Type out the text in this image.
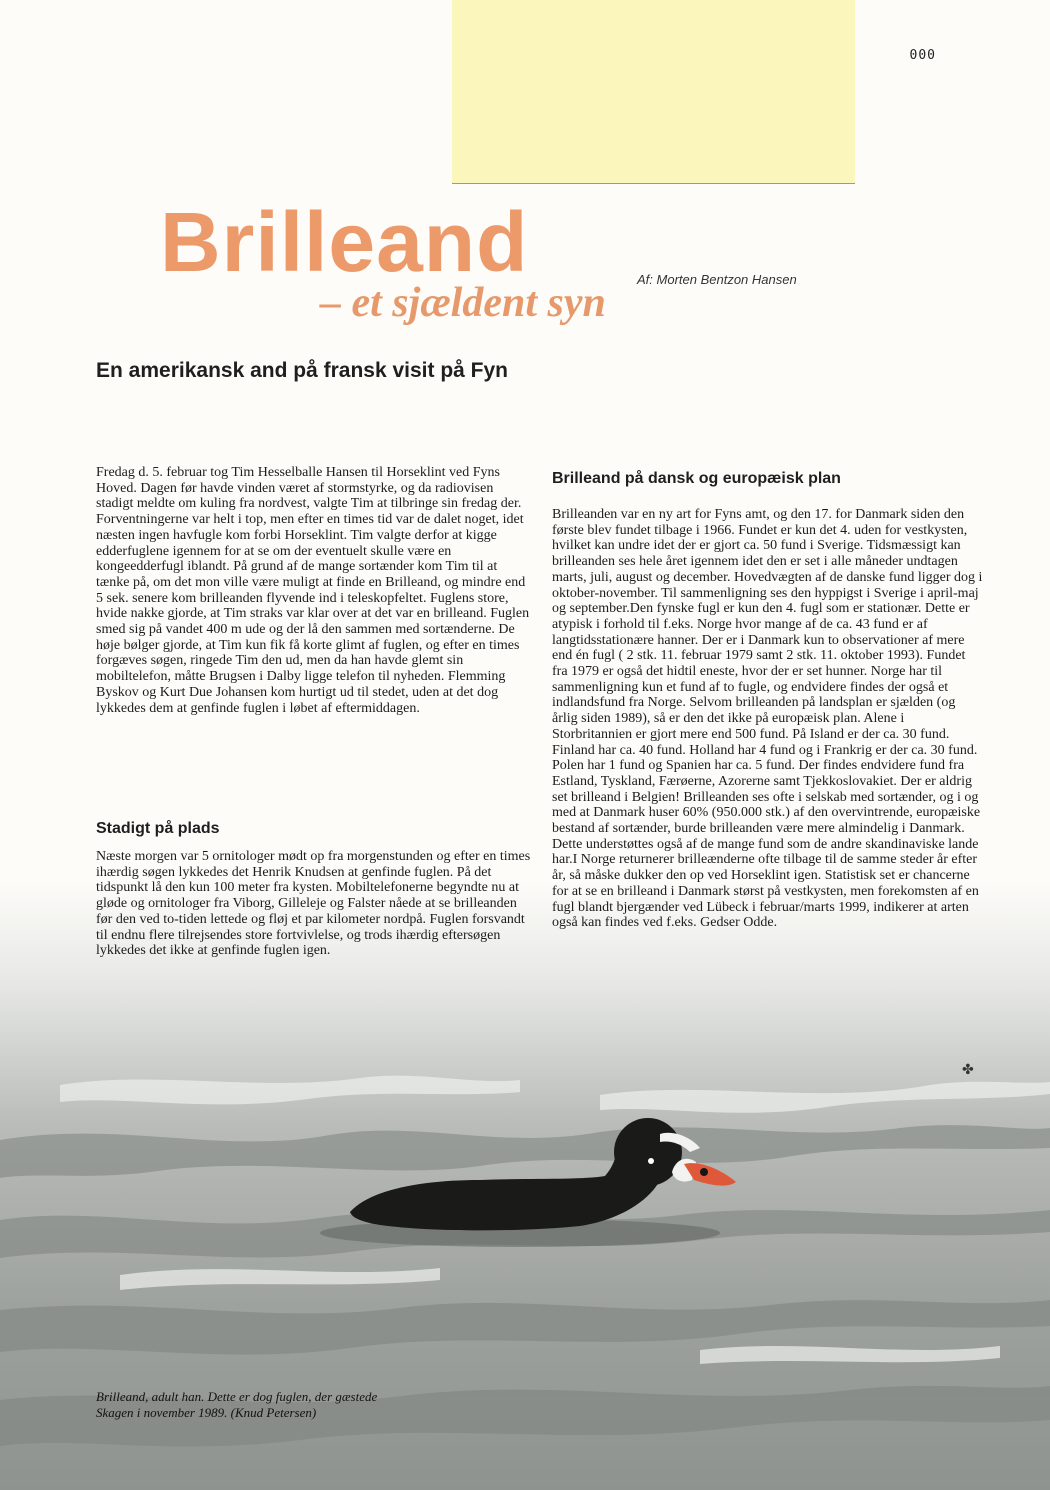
000
Brilleand
– et sjældent syn
Af: Morten Bentzon Hansen
En amerikansk and på fransk visit på Fyn

Fredag d. 5. februar tog Tim Hesselballe Hansen til Horseklint ved Fyns Hoved. Dagen før havde vinden været af stormstyrke, og da radiovisen stadigt meldte om kuling fra nordvest, valgte Tim at tilbringe sin fredag der. Forventningerne var helt i top, men efter en times tid var de dalet noget, idet næsten ingen havfugle kom forbi Horseklint. Tim valgte derfor at kigge edderfuglene igennem for at se om der eventuelt skulle være en kongeedderfugl iblandt. På grund af de mange sortænder kom Tim til at tænke på, om det mon ville være muligt at finde en Brilleand, og mindre end 5 sek. senere kom brilleanden flyvende ind i teleskopfeltet. Fuglens store, hvide nakke gjorde, at Tim straks var klar over at det var en brilleand. Fuglen smed sig på vandet 400 m ude og der lå den sammen med sortænderne. De høje bølger gjorde, at Tim kun fik få korte glimt af fuglen, og efter en times forgæves søgen, ringede Tim den ud, men da han havde glemt sin mobiltelefon, måtte Brugsen i Dalby ligge telefon til nyheden. Flemming Byskov og Kurt Due Johansen kom hurtigt ud til stedet, uden at det dog lykkedes dem at genfinde fuglen i løbet af eftermiddagen.

Stadigt på plads

Næste morgen var 5 ornitologer mødt op fra morgenstunden og efter en times ihærdig søgen lykkedes det Henrik Knudsen at genfinde fuglen. På det tidspunkt lå den kun 100 meter fra kysten. Mobiltelefonerne begyndte nu at gløde og ornitologer fra Viborg, Gilleleje og Falster nåede at se brilleanden før den ved to-tiden lettede og fløj et par kilometer nordpå. Fuglen forsvandt til endnu flere tilrejsendes store fortvivlelse, og trods ihærdig eftersøgen lykkedes det ikke at genfinde fuglen igen.

Brilleand på dansk og europæisk plan

Brilleanden var en ny art for Fyns amt, og den 17. for Danmark siden den første blev fundet tilbage i 1966. Fundet er kun det 4. uden for vestkysten, hvilket kan undre idet der er gjort ca. 50 fund i Sverige. Tidsmæssigt kan brilleanden ses hele året igennem idet den er set i alle måneder undtagen marts, juli, august og december. Hovedvægten af de danske fund ligger dog i oktober-november. Til sammenligning ses den hyppigst i Sverige i april-maj og september.Den fynske fugl er kun den 4. fugl som er stationær. Dette er atypisk i forhold til f.eks. Norge hvor mange af de ca. 43 fund er af langtidsstationære hanner. Der er i Danmark kun to observationer af mere end én fugl ( 2 stk. 11. februar 1979 samt 2 stk. 11. oktober 1993). Fundet fra 1979 er også det hidtil eneste, hvor der er set hunner. Norge har til sammenligning kun et fund af to fugle, og endvidere findes der også et indlandsfund fra Norge. Selvom brilleanden på landsplan er sjælden (og årlig siden 1989), så er den det ikke på europæisk plan. Alene i Storbritannien er gjort mere end 500 fund. På Island er der ca. 30 fund. Finland har ca. 40 fund. Holland har 4 fund og i Frankrig er der ca. 30 fund. Polen har 1 fund og Spanien har ca. 5 fund. Der findes endvidere fund fra Estland, Tyskland, Færøerne, Azorerne samt Tjekkoslovakiet. Der er aldrig set brilleand i Belgien! Brilleanden ses ofte i selskab med sortænder, og i og med at Danmark huser 60% (950.000 stk.) af den overvintrende, europæiske bestand af sortænder, burde brilleanden være mere almindelig i Danmark. Dette understøttes også af de mange fund som de andre skandinaviske lande har.I Norge returnerer brilleænderne ofte tilbage til de samme steder år efter år, så måske dukker den op ved Horseklint igen. Statistisk set er chancerne for at se en brilleand i Danmark størst på vestkysten, men forekomsten af en fugl blandt bjergænder ved Lübeck i februar/marts 1999, indikerer at arten også kan findes ved f.eks. Gedser Odde.

✤
Brilleand, adult han. Dette er dog fuglen, der gæstede Skagen i november 1989. (Knud Petersen)
